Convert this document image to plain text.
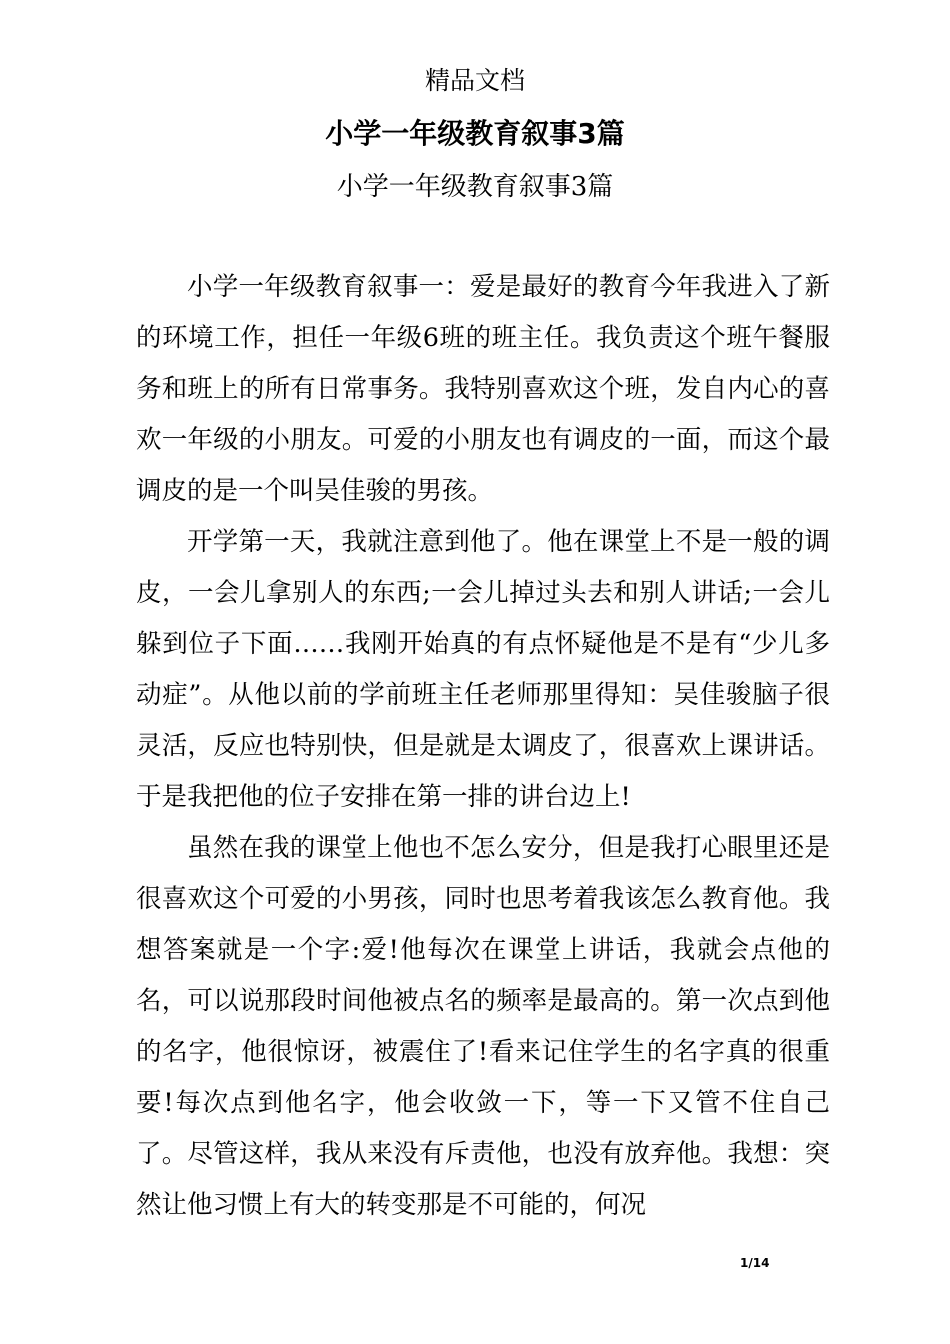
精品文档
小学一年级教育叙事3篇
小学一年级教育叙事3篇

小学一年级教育叙事一：爱是最好的教育今年我进入了新的环境工作，担任一年级6班的班主任。我负责这个班午餐服务和班上的所有日常事务。我特别喜欢这个班，发自内心的喜欢一年级的小朋友。可爱的小朋友也有调皮的一面，而这个最调皮的是一个叫吴佳骏的男孩。

开学第一天，我就注意到他了。他在课堂上不是一般的调皮，一会儿拿别人的东西;一会儿掉过头去和别人讲话;一会儿躲到位子下面……我刚开始真的有点怀疑他是不是有“少儿多动症”。从他以前的学前班主任老师那里得知：吴佳骏脑子很灵活，反应也特别快，但是就是太调皮了，很喜欢上课讲话。于是我把他的位子安排在第一排的讲台边上!

虽然在我的课堂上他也不怎么安分，但是我打心眼里还是很喜欢这个可爱的小男孩，同时也思考着我该怎么教育他。我想答案就是一个字:爱!他每次在课堂上讲话，我就会点他的名，可以说那段时间他被点名的频率是最高的。第一次点到他的名字，他很惊讶，被震住了!看来记住学生的名字真的很重要!每次点到他名字，他会收敛一下，等一下又管不住自己了。尽管这样，我从来没有斥责他，也没有放弃他。我想：突然让他习惯上有大的转变那是不可能的，何况

1/14
